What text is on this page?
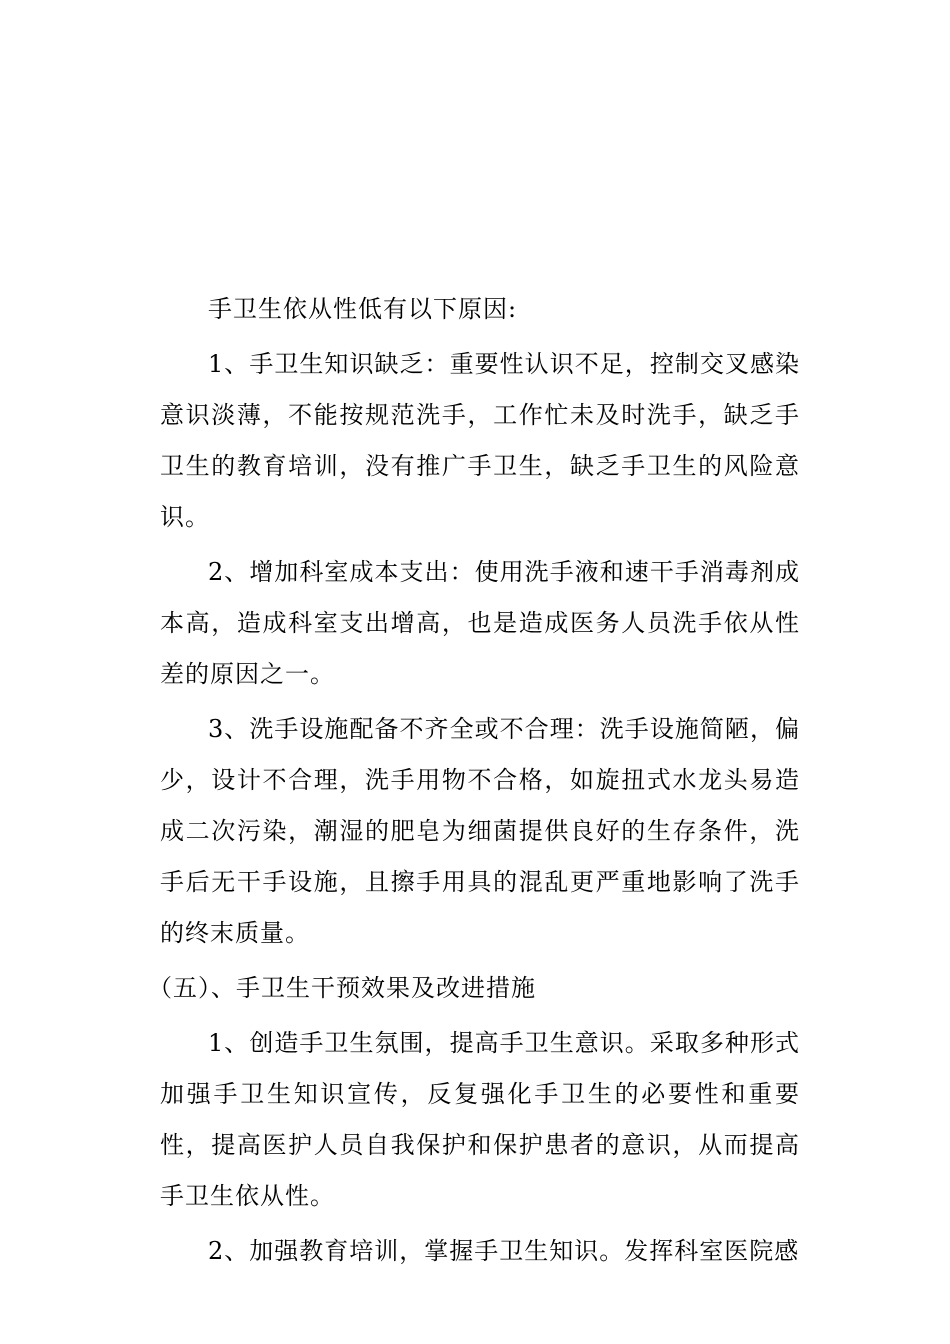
手卫生依从性低有以下原因:

1、手卫生知识缺乏：重要性认识不足，控制交叉感染意识淡薄，不能按规范洗手，工作忙未及时洗手，缺乏手卫生的教育培训，没有推广手卫生，缺乏手卫生的风险意识。

2、增加科室成本支出：使用洗手液和速干手消毒剂成本高，造成科室支出增高，也是造成医务人员洗手依从性差的原因之一。

3、洗手设施配备不齐全或不合理：洗手设施简陋，偏少，设计不合理，洗手用物不合格，如旋扭式水龙头易造成二次污染，潮湿的肥皂为细菌提供良好的生存条件，洗手后无干手设施，且擦手用具的混乱更严重地影响了洗手的终末质量。

（五）、手卫生干预效果及改进措施

1、创造手卫生氛围，提高手卫生意识。采取多种形式加强手卫生知识宣传，反复强化手卫生的必要性和重要性，提高医护人员自我保护和保护患者的意识，从而提高手卫生依从性。

2、加强教育培训，掌握手卫生知识。发挥科室医院感
